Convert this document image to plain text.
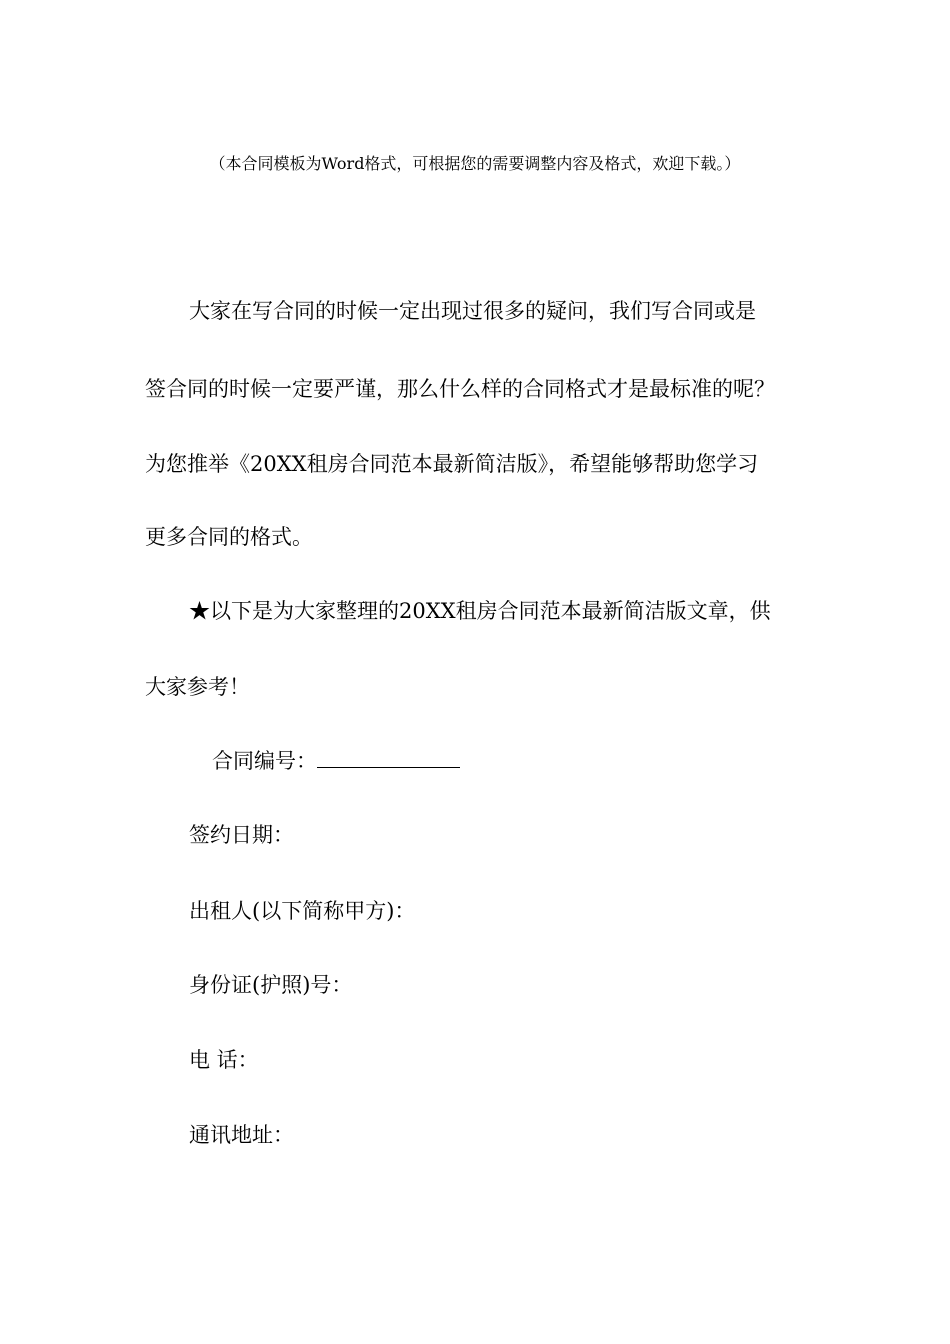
（本合同模板为Word格式，可根据您的需要调整内容及格式，欢迎下载。）
大家在写合同的时候一定出现过很多的疑问，我们写合同或是
签合同的时候一定要严谨，那么什么样的合同格式才是最标准的呢？
为您推举《20XX租房合同范本最新简洁版》，希望能够帮助您学习
更多合同的格式。
★以下是为大家整理的20XX租房合同范本最新简洁版文章，供
大家参考！
合同编号：
签约日期：
出租人(以下简称甲方)：
身份证(护照)号：
电 话：
通讯地址：
